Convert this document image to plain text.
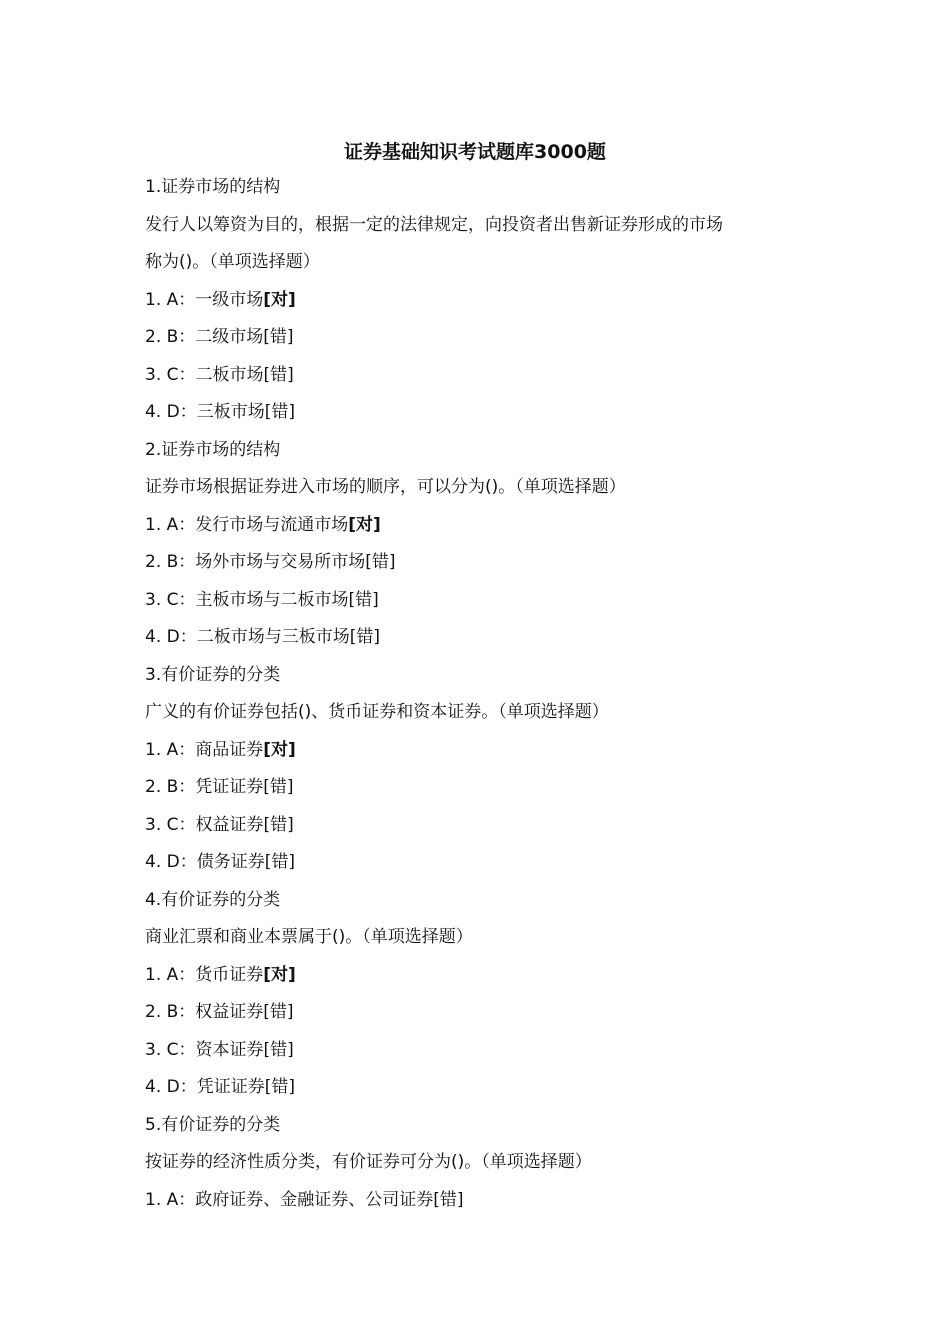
证券基础知识考试题库3000题
1.证券市场的结构
发行人以筹资为目的，根据一定的法律规定，向投资者出售新证券形成的市场
称为()。（单项选择题）
1. A：一级市场[对]
2. B：二级市场[错]
3. C：二板市场[错]
4. D：三板市场[错]
2.证券市场的结构
证券市场根据证券进入市场的顺序，可以分为()。（单项选择题）
1. A：发行市场与流通市场[对]
2. B：场外市场与交易所市场[错]
3. C：主板市场与二板市场[错]
4. D：二板市场与三板市场[错]
3.有价证券的分类
广义的有价证券包括()、货币证券和资本证券。（单项选择题）
1. A：商品证券[对]
2. B：凭证证券[错]
3. C：权益证券[错]
4. D：债务证券[错]
4.有价证券的分类
商业汇票和商业本票属于()。（单项选择题）
1. A：货币证券[对]
2. B：权益证券[错]
3. C：资本证券[错]
4. D：凭证证券[错]
5.有价证券的分类
按证券的经济性质分类，有价证券可分为()。（单项选择题）
1. A：政府证券、金融证券、公司证券[错]
